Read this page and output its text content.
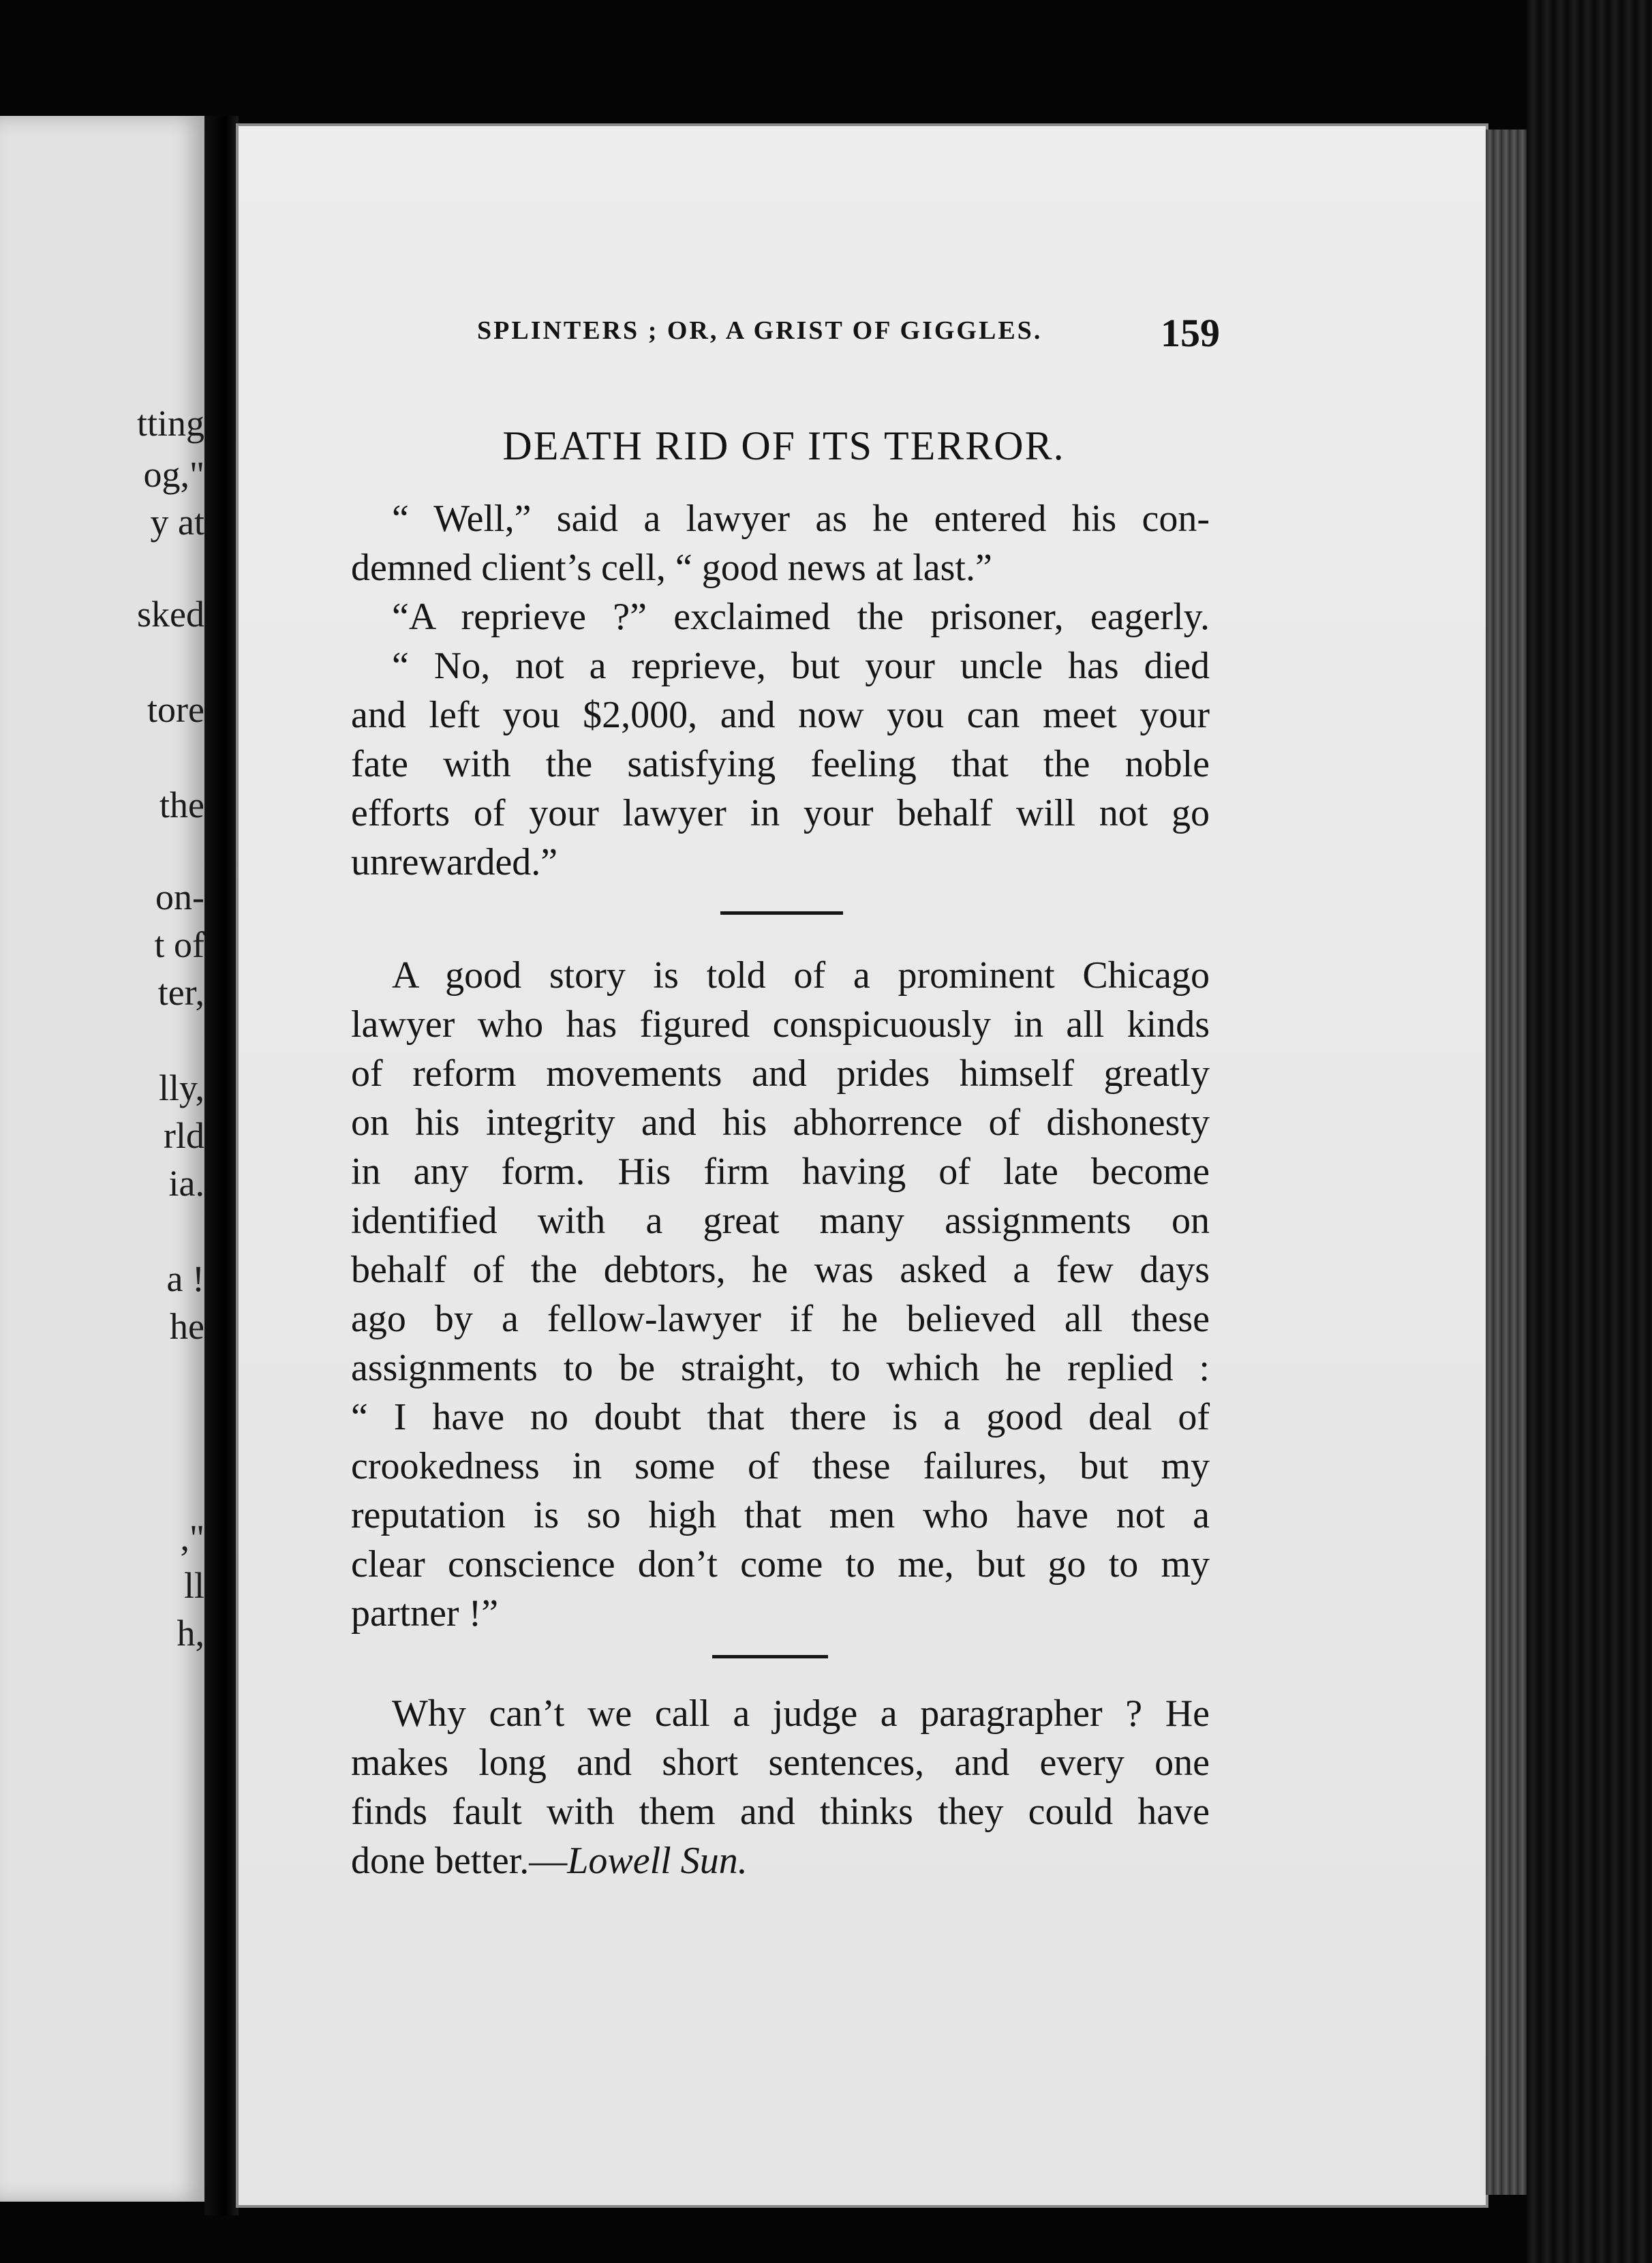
tting
og,"
y at
sked
tore
the
on-
t of
ter,
lly,
rld
ia.
a !
he
,"
ll
h,
SPLINTERS ; OR, A GRIST OF GIGGLES.	159
DEATH RID OF ITS TERROR.
“ Well,” said a lawyer as he entered his con-
demned client’s cell, “ good news at last.”
“A reprieve ?” exclaimed the prisoner, eagerly.
“ No, not a reprieve, but your uncle has died
and left you $2,000, and now you can meet your
fate with the satisfying feeling that the noble
efforts of your lawyer in your behalf will not go
unrewarded.”
A good story is told of a prominent Chicago
lawyer who has figured conspicuously in all kinds
of reform movements and prides himself greatly
on his integrity and his abhorrence of dishonesty
in any form. His firm having of late become
identified with a great many assignments on
behalf of the debtors, he was asked a few days
ago by a fellow-lawyer if he believed all these
assignments to be straight, to which he replied :
“ I have no doubt that there is a good deal of
crookedness in some of these failures, but my
reputation is so high that men who have not a
clear conscience don’t come to me, but go to my
partner !”
Why can’t we call a judge a paragrapher ? He
makes long and short sentences, and every one
finds fault with them and thinks they could have
done better.—Lowell Sun.
